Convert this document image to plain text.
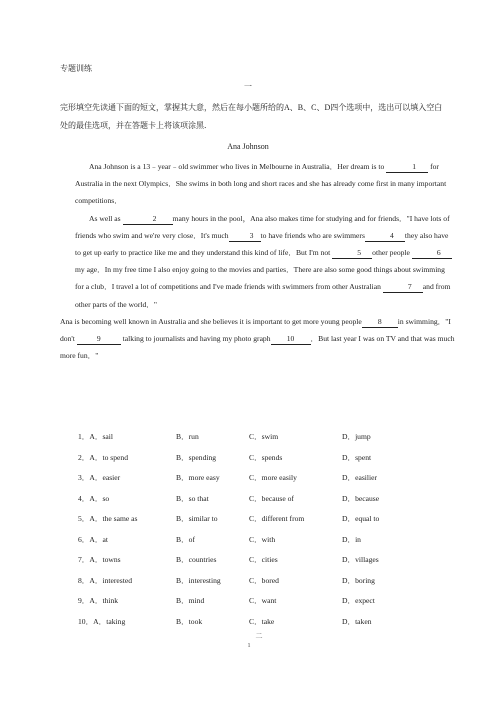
专题训练
一
完形填空先读通下面的短文，掌握其大意，然后在每小题所给的A、B、C、D四个选项中，选出可以填入空白处的最佳选项，并在答题卡上将该项涂黑．
Ana Johnson

Ana Johnson is a 13﹣year﹣old swimmer who lives in Melbourne in Australia．Her dream is to	1 for Australia in the next Olympics．She swims in both long and short races and she has already come first in many important competitions．

As well as	2 many hours in the pool，Ana also makes time for studying and for friends．"I have lots of friends who swim and we're very close．It's much	3 to have friends who are swimmers	4 they also have to get up early to practice like me and they understand this kind of life．But I'm not	5 other people	6my age．In my free time I also enjoy going to the movies and parties．There are also some good things about swimming for a club．I travel a lot of competitions and I've made friends with swimmers from other Australian	7 and from other parts of the world．"

Ana is becoming well known in Australia and she believes it is important to get more young people 8 in swimming．"I don't	9	talking to journalists and having my photo graph 10 ．But last year I was on TV and that was much more fun．"

1．A．sail	B．run	C．swim	D．jump
2．A．to spend	B．spending	C．spends	D．spent
3．A．easier	B．more easy	C．more easily	D．easilier
4．A．so	B．so that	C．because of	D．because
5．A．the same as	B．similar to	C．different from	D．equal to
6．A．at	B．of	C．with	D．in
7．A．towns	B．countries	C．cities	D．villages
8．A．interested	B．interesting	C．bored	D．boring
9．A．think	B．mind	C．want	D．expect
10．A．taking	B．took	C．take	D．taken
二
1
